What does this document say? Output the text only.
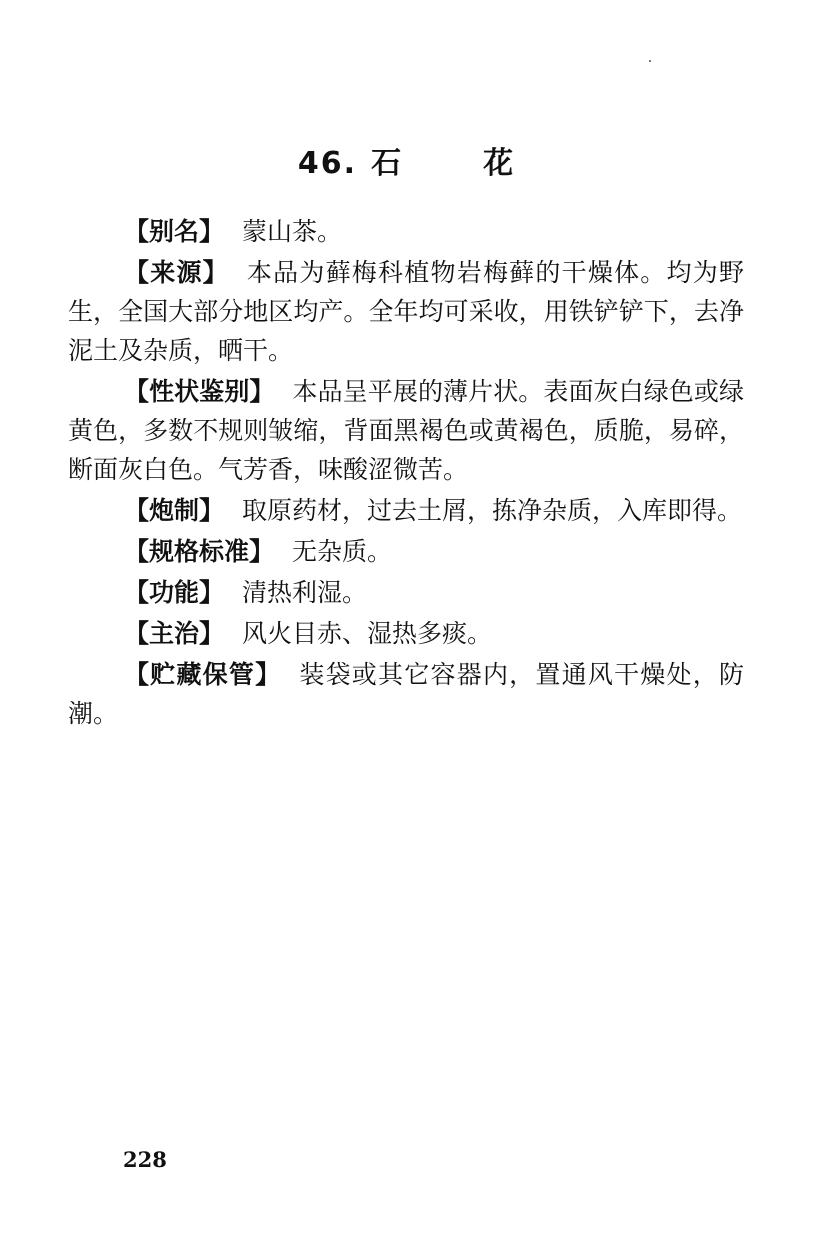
46. 石	花

【别名】 蒙山茶。

【来源】 本品为藓梅科植物岩梅藓的干燥体。均为野生，全国大部分地区均产。全年均可采收，用铁铲铲下，去净泥土及杂质，晒干。

【性状鉴别】 本品呈平展的薄片状。表面灰白绿色或绿黄色，多数不规则皱缩，背面黑褐色或黄褐色，质脆，易碎，断面灰白色。气芳香，味酸涩微苦。

【炮制】 取原药材，过去土屑，拣净杂质，入库即得。

【规格标准】 无杂质。

【功能】 清热利湿。

【主治】 风火目赤、湿热多痰。

【贮藏保管】 装袋或其它容器内，置通风干燥处，防潮。

228
